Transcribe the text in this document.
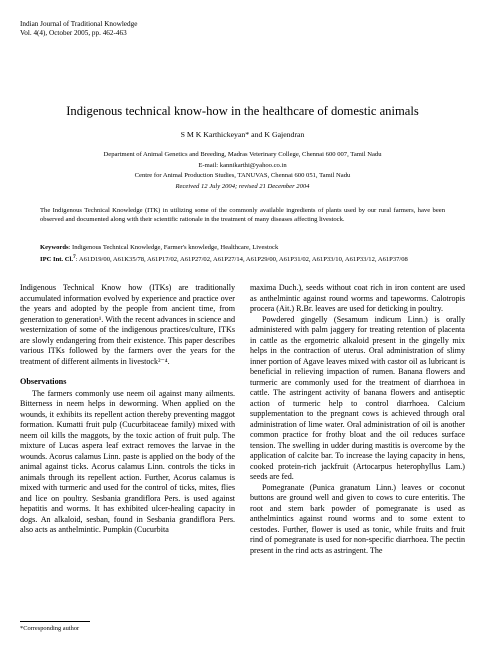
Indian Journal of Traditional Knowledge
Vol. 4(4), October 2005, pp. 462-463
Indigenous technical know-how in the healthcare of domestic animals
S M K Karthickeyan* and K Gajendran
Department of Animal Genetics and Breeding, Madras Veterinary College, Chennai 600 007, Tamil Nadu
E-mail: kannikarthi@yahoo.co.in
Centre for Animal Production Studies, TANUVAS, Chennai 600 051, Tamil Nadu
Received 12 July 2004; revised 21 December 2004
The Indigenous Technical Knowledge (ITK) in utilizing some of the commonly available ingredients of plants used by our rural farmers, have been observed and documented along with their scientific rationale in the treatment of many diseases affecting livestock.
Keywords: Indigenous Technical Knowledge, Farmer's knowledge, Healthcare, Livestock
IPC Int. Cl.$^7$: A61D19/00, A61K35/78, A61P17/02, A61P27/02, A61P27/14, A61P29/00, A61P31/02, A61P33/10, A61P33/12, A61P37/08

Indigenous Technical Know how (ITKs) are traditionally accumulated information evolved by experience and practice over the years and adopted by the people from ancient time, from generation to generation¹. With the recent advances in science and westernization of some of the indigenous practices/culture, ITKs are slowly endangering from their existence. This paper describes various ITKs followed by the farmers over the years for the treatment of different ailments in livestock²⁻⁴.

Observations

The farmers commonly use neem oil against many ailments. Bitterness in neem helps in deworming. When applied on the wounds, it exhibits its repellent action thereby preventing maggot formation. Kumatti fruit pulp (Cucurbitaceae family) mixed with neem oil kills the maggots, by the toxic action of fruit pulp. The mixture of Lucas aspera leaf extract removes the larvae in the wounds. Acorus calamus Linn. paste is applied on the body of the animal against ticks. Acorus calamus Linn. controls the ticks in animals through its repellent action. Further, Acorus calamus is mixed with turmeric and used for the control of ticks, mites, flies and lice on poultry. Sesbania grandiflora Pers. is used against hepatitis and worms. It has exhibited ulcer-healing capacity in dogs. An alkaloid, sesban, found in Sesbania grandiflora Pers. also acts as anthelmintic. Pumpkin (Cucurbita

maxima Duch.), seeds without coat rich in iron content are used as anthelmintic against round worms and tapeworms. Calotropis procera (Ait.) R.Br. leaves are used for deticking in poultry.

Powdered gingelly (Sesamum indicum Linn.) is orally administered with palm jaggery for treating retention of placenta in cattle as the ergometric alkaloid present in the gingelly mix helps in the contraction of uterus. Oral administration of slimy inner portion of Agave leaves mixed with castor oil as lubricant is beneficial in relieving impaction of rumen. Banana flowers and turmeric are commonly used for the treatment of diarrhoea in cattle. The astringent activity of banana flowers and antiseptic action of turmeric help to control diarrhoea. Calcium supplementation to the pregnant cows is achieved through oral administration of lime water. Oral administration of oil is another common practice for frothy bloat and the oil reduces surface tension. The swelling in udder during mastitis is overcome by the application of calcite bar. To increase the laying capacity in hens, cooked protein-rich jackfruit (Artocarpus heterophyllus Lam.) seeds are fed.

Pomegranate (Punica granatum Linn.) leaves or coconut buttons are ground well and given to cows to cure enteritis. The root and stem bark powder of pomegranate is used as anthelmintics against round worms and to some extent to cestodes. Further, flower is used as tonic, while fruits and fruit rind of pomegranate is used for non-specific diarrhoea. The pectin present in the rind acts as astringent. The

*Corresponding author
